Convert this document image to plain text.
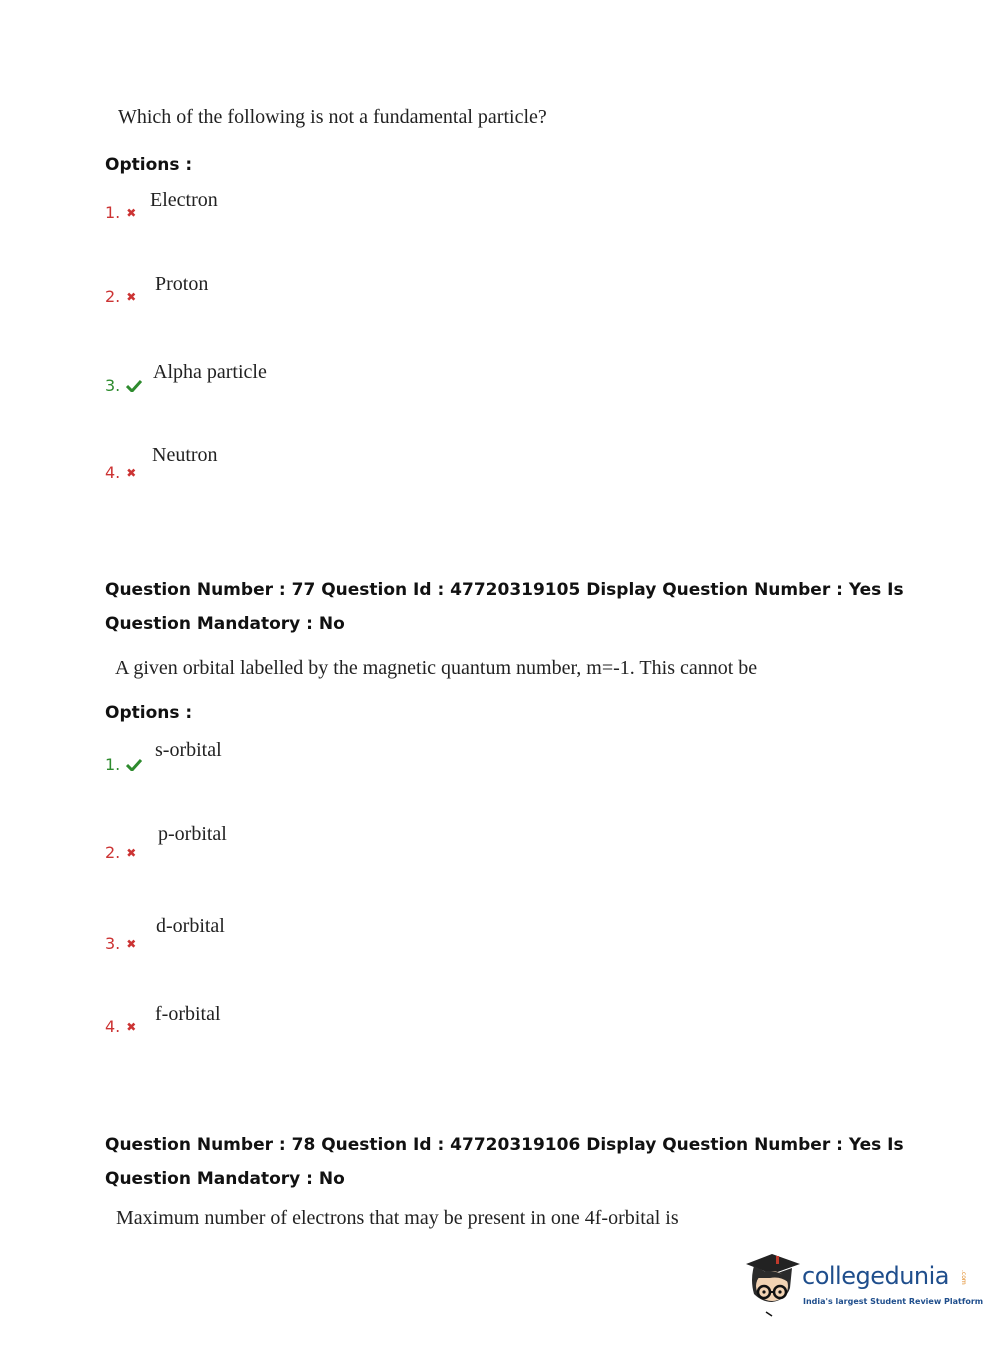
Which of the following is not a fundamental particle?
Options :
1. ✖
Electron
2. ✖
Proton
3.
Alpha particle
4. ✖
Neutron
Question Number : 77 Question Id : 47720319105 Display Question Number : Yes Is Question Mandatory : No
A given orbital labelled by the magnetic quantum number, m=-1. This cannot be
Options :
1.
s-orbital
2. ✖
p-orbital
3. ✖
d-orbital
4. ✖
f-orbital
Question Number : 78 Question Id : 47720319106 Display Question Number : Yes Is Question Mandatory : No
Maximum number of electrons that may be present in one 4f-orbital is
collegedunia .com
India's largest Student Review Platform
